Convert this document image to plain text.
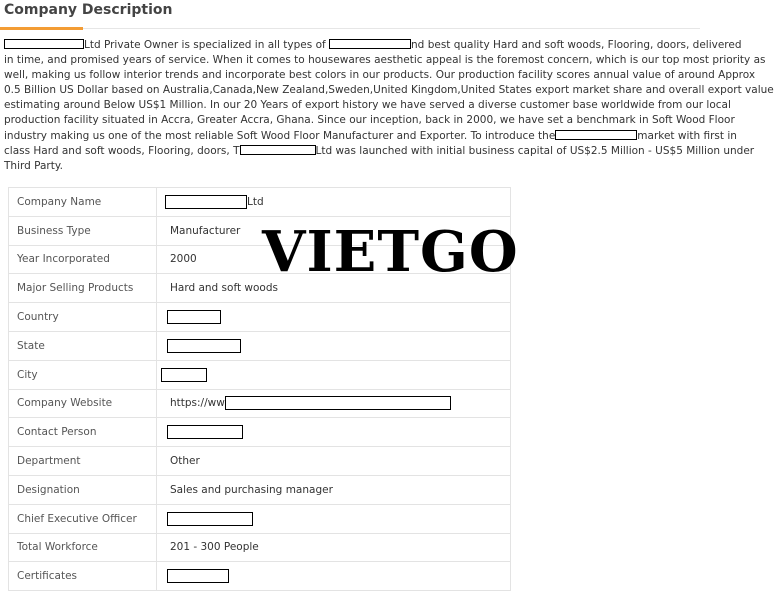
Company Description
Ltd Private Owner is specialized in all types of	nd best quality Hard and soft woods, Flooring, doors, delivered
in time, and promised years of service. When it comes to housewares aesthetic appeal is the foremost concern, which is our top most priority as
well, making us follow interior trends and incorporate best colors in our products. Our production facility scores annual value of around Approx
0.5 Billion US Dollar based on Australia,Canada,New Zealand,Sweden,United Kingdom,United States export market share and overall export value
estimating around Below US$1 Million. In our 20 Years of export history we have served a diverse customer base worldwide from our local
production facility situated in Accra, Greater Accra, Ghana. Since our inception, back in 2000, we have set a benchmark in Soft Wood Floor
industry making us one of the most reliable Soft Wood Floor Manufacturer and Exporter. To introduce the	market with first in
class Hard and soft woods, Flooring, doors, T	Ltd was launched with initial business capital of US$2.5 Million - US$5 Million under
Third Party.
Company Name	Ltd
Business Type	Manufacturer
Year Incorporated	2000
Major Selling Products	Hard and soft woods
Country	
State	
City	
Company Website	https://ww
Contact Person	
Department	Other
Designation	Sales and purchasing manager
Chief Executive Officer	
Total Workforce	201 - 300 People
Certificates	
VIETGO
